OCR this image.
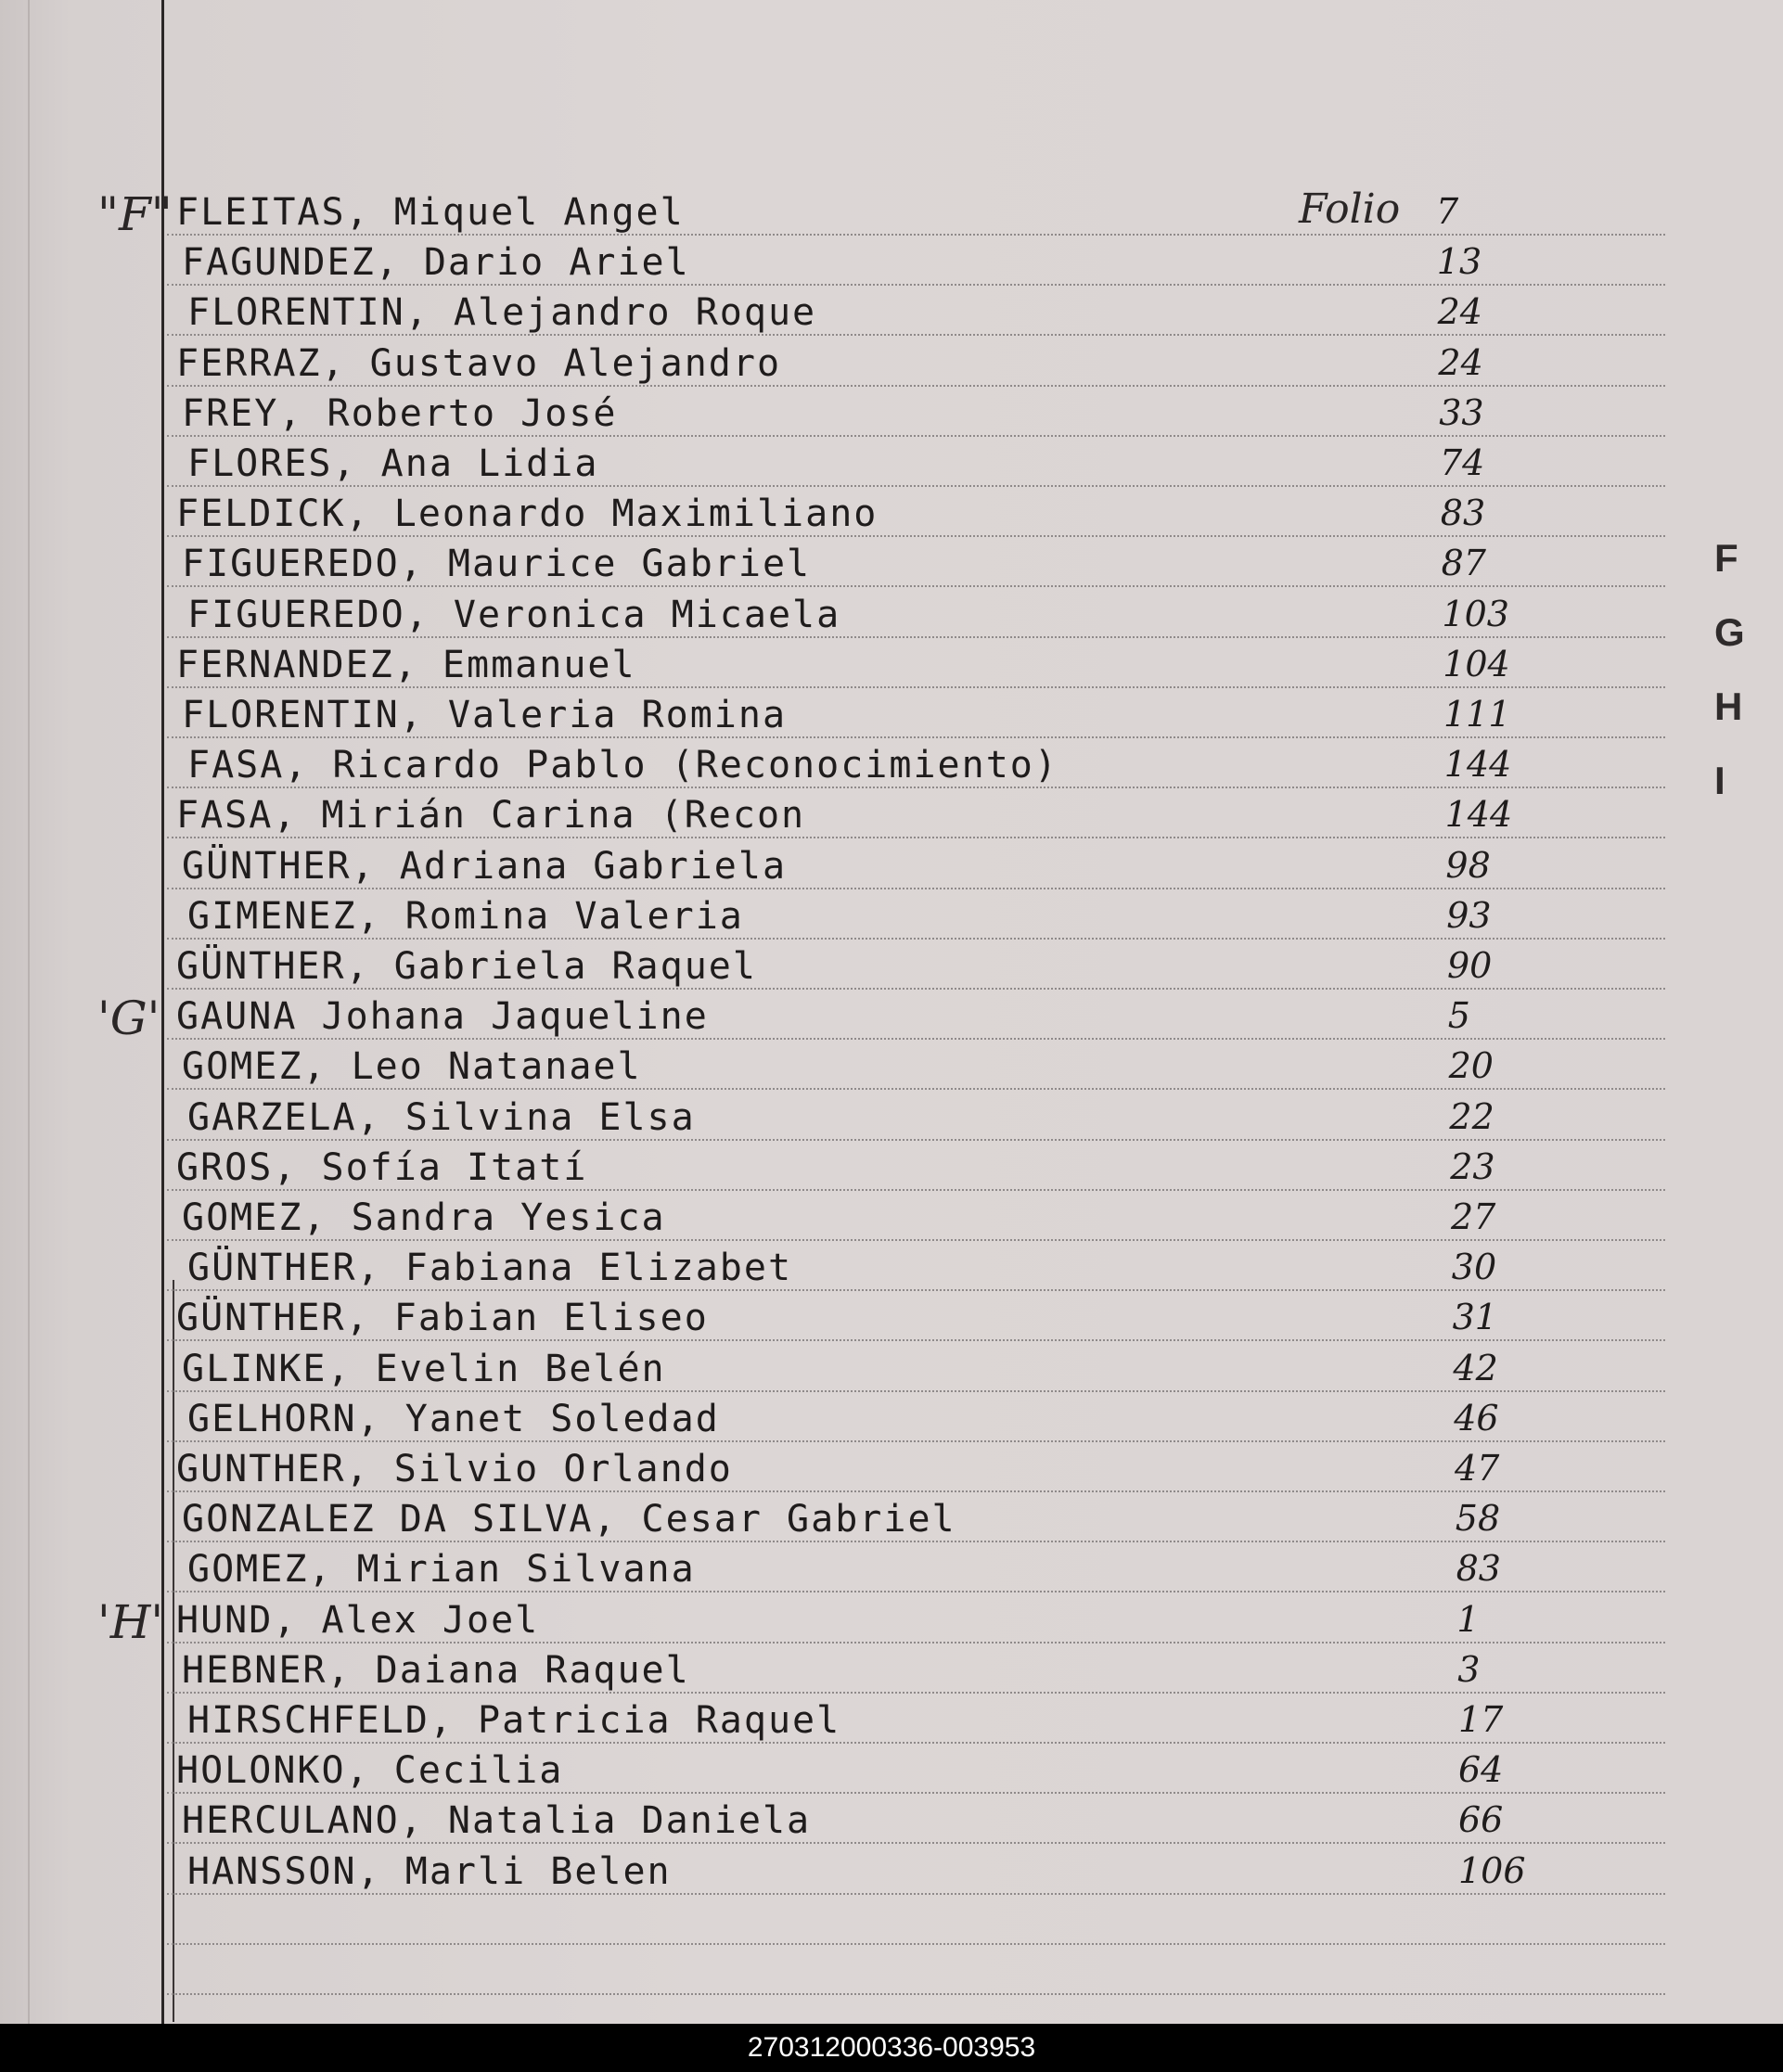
Folio
"F" FLEITAS, Miquel Angel	7
FAGUNDEZ, Dario Ariel	13
FLORENTIN, Alejandro Roque	24
FERRAZ, Gustavo Alejandro	24
FREY, Roberto José	33
FLORES, Ana Lidia	74
FELDICK, Leonardo Maximiliano	83
FIGUEREDO, Maurice Gabriel	87
FIGUEREDO, Veronica Micaela	103
FERNANDEZ, Emmanuel	104
FLORENTIN, Valeria Romina	111
FASA, Ricardo Pablo (Reconocimiento)	144
FASA, Mirián Carina (Recon	144
GÜNTHER, Adriana Gabriela	98
GIMENEZ, Romina Valeria	93
GÜNTHER, Gabriela Raquel	90
'G' GAUNA Johana Jaqueline	5
GOMEZ, Leo Natanael	20
GARZELA, Silvina Elsa	22
GROS, Sofía Itatí	23
GOMEZ, Sandra Yesica	27
GÜNTHER, Fabiana Elizabet	30
GÜNTHER, Fabian Eliseo	31
GLINKE, Evelin Belén	42
GELHORN, Yanet Soledad	46
GUNTHER, Silvio Orlando	47
GONZALEZ DA SILVA, Cesar Gabriel	58
GOMEZ, Mirian Silvana	83
'H' HUND, Alex Joel	1
HEBNER, Daiana Raquel	3
HIRSCHFELD, Patricia Raquel	17
HOLONKO, Cecilia	64
HERCULANO, Natalia Daniela	66
HANSSON, Marli Belen	106
F
G
H
I
270312000336-003953
